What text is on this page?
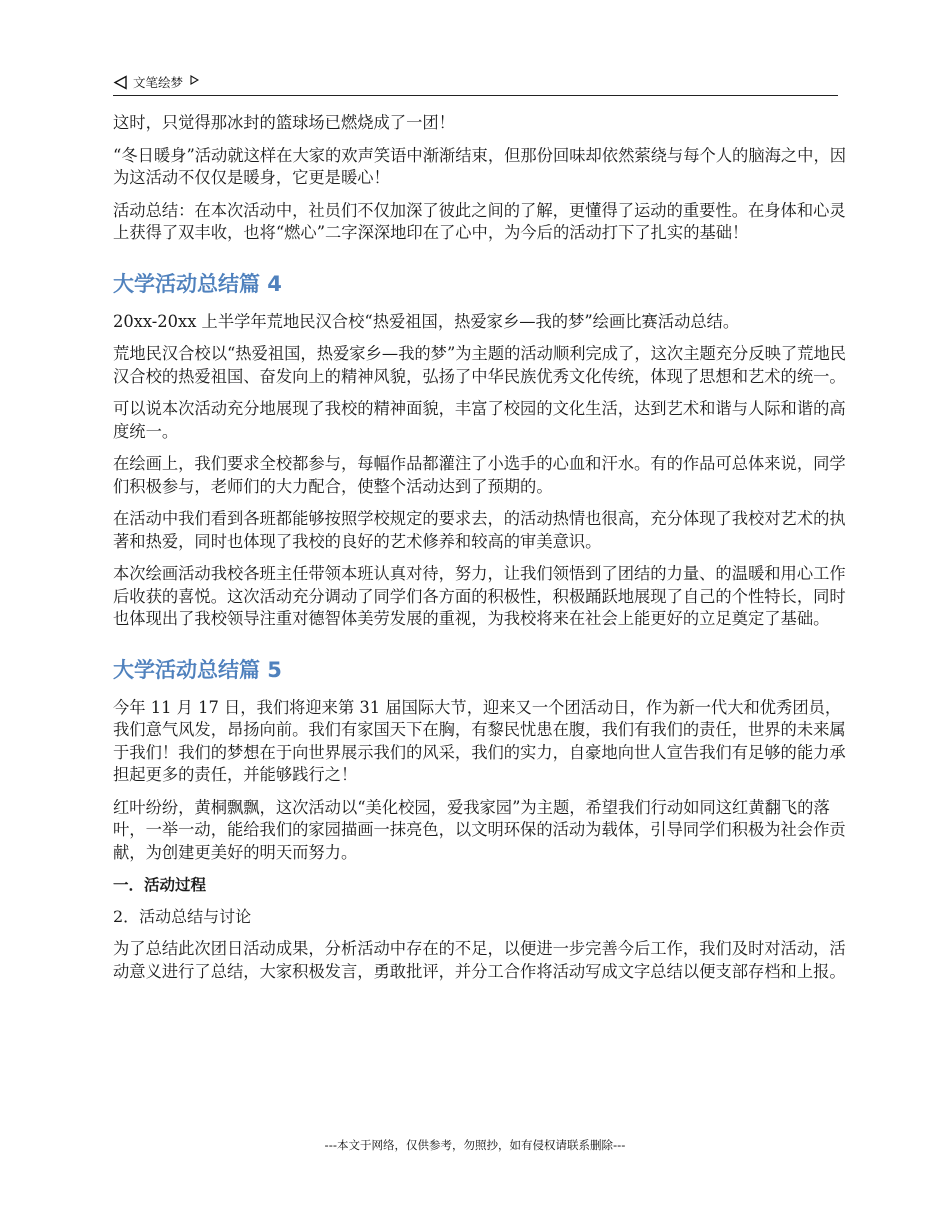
文笔绘梦

这时，只觉得那冰封的篮球场已燃烧成了一团！

“冬日暖身”活动就这样在大家的欢声笑语中渐渐结束，但那份回味却依然萦绕与每个人的脑海之中，因为这活动不仅仅是暖身，它更是暖心！

活动总结：在本次活动中，社员们不仅加深了彼此之间的了解，更懂得了运动的重要性。在身体和心灵上获得了双丰收，也将“燃心”二字深深地印在了心中，为今后的活动打下了扎实的基础！

大学活动总结篇 4

20xx-20xx 上半学年荒地民汉合校“热爱祖国，热爱家乡—我的梦”绘画比赛活动总结。

荒地民汉合校以“热爱祖国，热爱家乡—我的梦”为主题的活动顺利完成了，这次主题充分反映了荒地民汉合校的热爱祖国、奋发向上的精神风貌，弘扬了中华民族优秀文化传统，体现了思想和艺术的统一。

可以说本次活动充分地展现了我校的精神面貌，丰富了校园的文化生活，达到艺术和谐与人际和谐的高度统一。

在绘画上，我们要求全校都参与，每幅作品都灌注了小选手的心血和汗水。有的作品可总体来说，同学们积极参与，老师们的大力配合，使整个活动达到了预期的。

在活动中我们看到各班都能够按照学校规定的要求去，的活动热情也很高，充分体现了我校对艺术的执著和热爱，同时也体现了我校的良好的艺术修养和较高的审美意识。

本次绘画活动我校各班主任带领本班认真对待，努力，让我们领悟到了团结的力量、的温暖和用心工作后收获的喜悦。这次活动充分调动了同学们各方面的积极性，积极踊跃地展现了自己的个性特长，同时也体现出了我校领导注重对德智体美劳发展的重视，为我校将来在社会上能更好的立足奠定了基础。

大学活动总结篇 5

今年 11 月 17 日，我们将迎来第 31 届国际大节，迎来又一个团活动日，作为新一代大和优秀团员，我们意气风发，昂扬向前。我们有家国天下在胸，有黎民忧患在腹，我们有我们的责任，世界的未来属于我们！我们的梦想在于向世界展示我们的风采，我们的实力，自豪地向世人宣告我们有足够的能力承担起更多的责任，并能够践行之！

红叶纷纷，黄桐飘飘，这次活动以“美化校园，爱我家园”为主题，希望我们行动如同这红黄翻飞的落叶，一举一动，能给我们的家园描画一抹亮色，以文明环保的活动为载体，引导同学们积极为社会作贡献，为创建更美好的明天而努力。

一．活动过程
2．活动总结与讨论

为了总结此次团日活动成果，分析活动中存在的不足，以便进一步完善今后工作，我们及时对活动，活动意义进行了总结，大家积极发言，勇敢批评，并分工合作将活动写成文字总结以便支部存档和上报。

---本文于网络，仅供参考，勿照抄，如有侵权请联系删除---
